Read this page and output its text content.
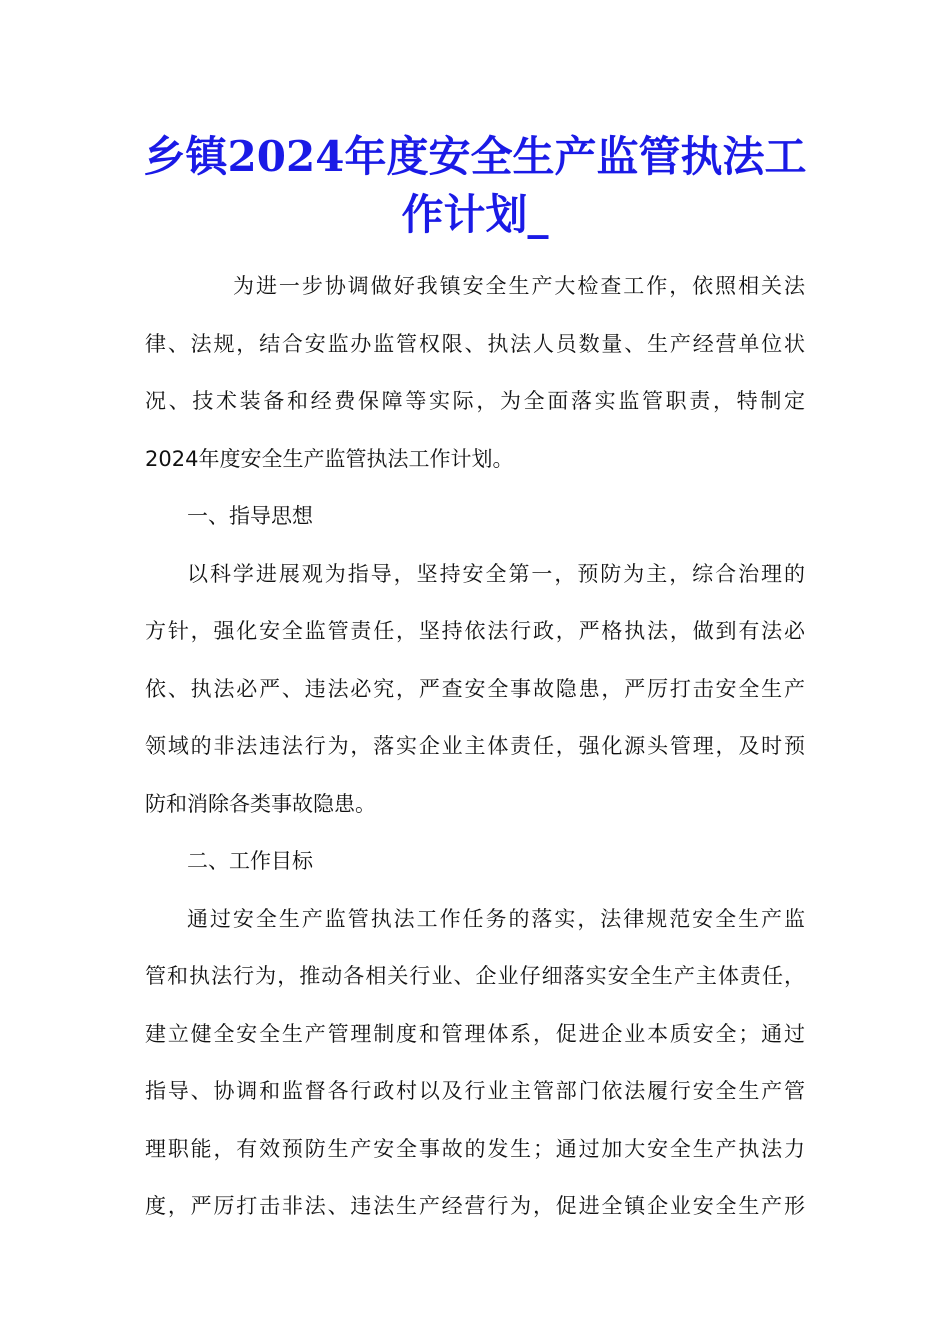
乡镇2024年度安全生产监管执法工
作计划_
为进一步协调做好我镇安全生产大检查工作，依照相关法
律、法规，结合安监办监管权限、执法人员数量、生产经营单位状
况、技术装备和经费保障等实际，为全面落实监管职责，特制定
2024年度安全生产监管执法工作计划。
一、指导思想
以科学进展观为指导，坚持安全第一，预防为主，综合治理的
方针，强化安全监管责任，坚持依法行政，严格执法，做到有法必
依、执法必严、违法必究，严查安全事故隐患，严厉打击安全生产
领域的非法违法行为，落实企业主体责任，强化源头管理，及时预
防和消除各类事故隐患。
二、工作目标
通过安全生产监管执法工作任务的落实，法律规范安全生产监
管和执法行为，推动各相关行业、企业仔细落实安全生产主体责任，
建立健全安全生产管理制度和管理体系，促进企业本质安全；通过
指导、协调和监督各行政村以及行业主管部门依法履行安全生产管
理职能，有效预防生产安全事故的发生；通过加大安全生产执法力
度，严厉打击非法、违法生产经营行为，促进全镇企业安全生产形
